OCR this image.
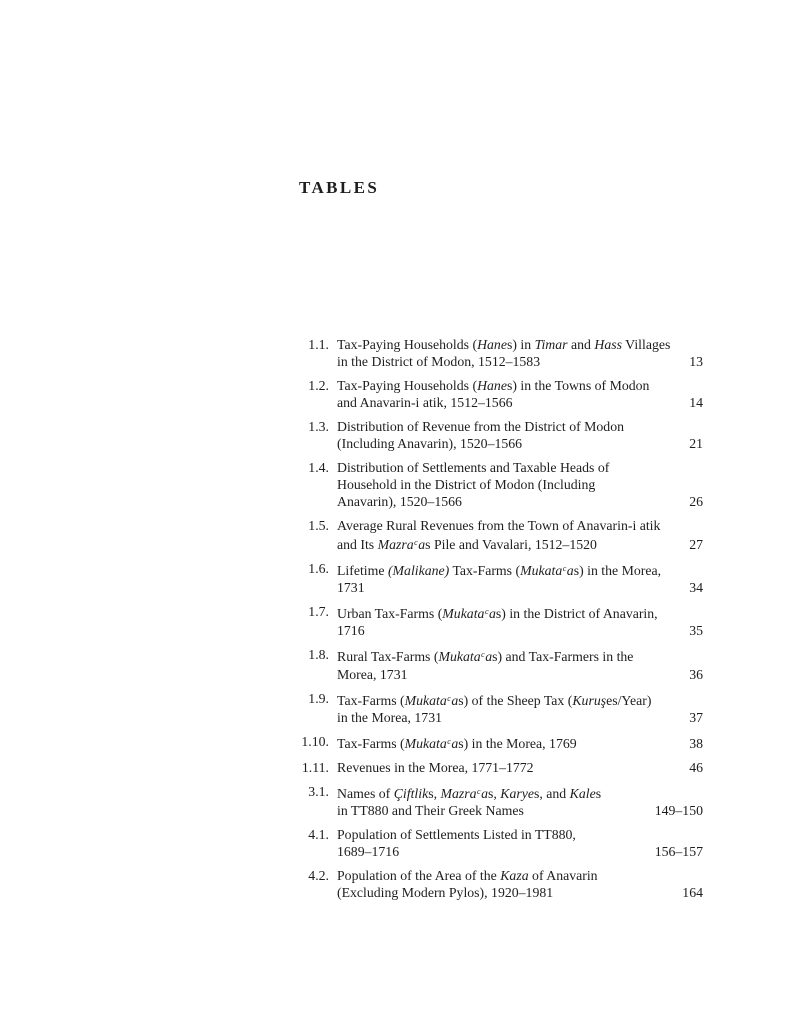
TABLES
1.1. Tax-Paying Households (Hanes) in Timar and Hass Villages
in the District of Modon, 1512–1583	13
1.2. Tax-Paying Households (Hanes) in the Towns of Modon
and Anavarin-i atik, 1512–1566	14
1.3. Distribution of Revenue from the District of Modon
(Including Anavarin), 1520–1566	21
1.4. Distribution of Settlements and Taxable Heads of
Household in the District of Modon (Including
Anavarin), 1520–1566	26
1.5. Average Rural Revenues from the Town of Anavarin-i atik
and Its Mazra$^c$as Pile and Vavalari, 1512–1520	27
1.6. Lifetime (Malikane) Tax-Farms (Mukata$^c$as) in the Morea,
1731	34
1.7. Urban Tax-Farms (Mukata$^c$as) in the District of Anavarin,
1716	35
1.8. Rural Tax-Farms (Mukata$^c$as) and Tax-Farmers in the
Morea, 1731	36
1.9. Tax-Farms (Mukata$^c$as) of the Sheep Tax (Kuruşes/Year)
in the Morea, 1731	37
1.10. Tax-Farms (Mukata$^c$as) in the Morea, 1769	38
1.11. Revenues in the Morea, 1771–1772	46
3.1. Names of Çiftliks, Mazra$^c$as, Karyes, and Kales
in TT880 and Their Greek Names	149–150
4.1. Population of Settlements Listed in TT880,
1689–1716	156–157
4.2. Population of the Area of the Kaza of Anavarin
(Excluding Modern Pylos), 1920–1981	164
